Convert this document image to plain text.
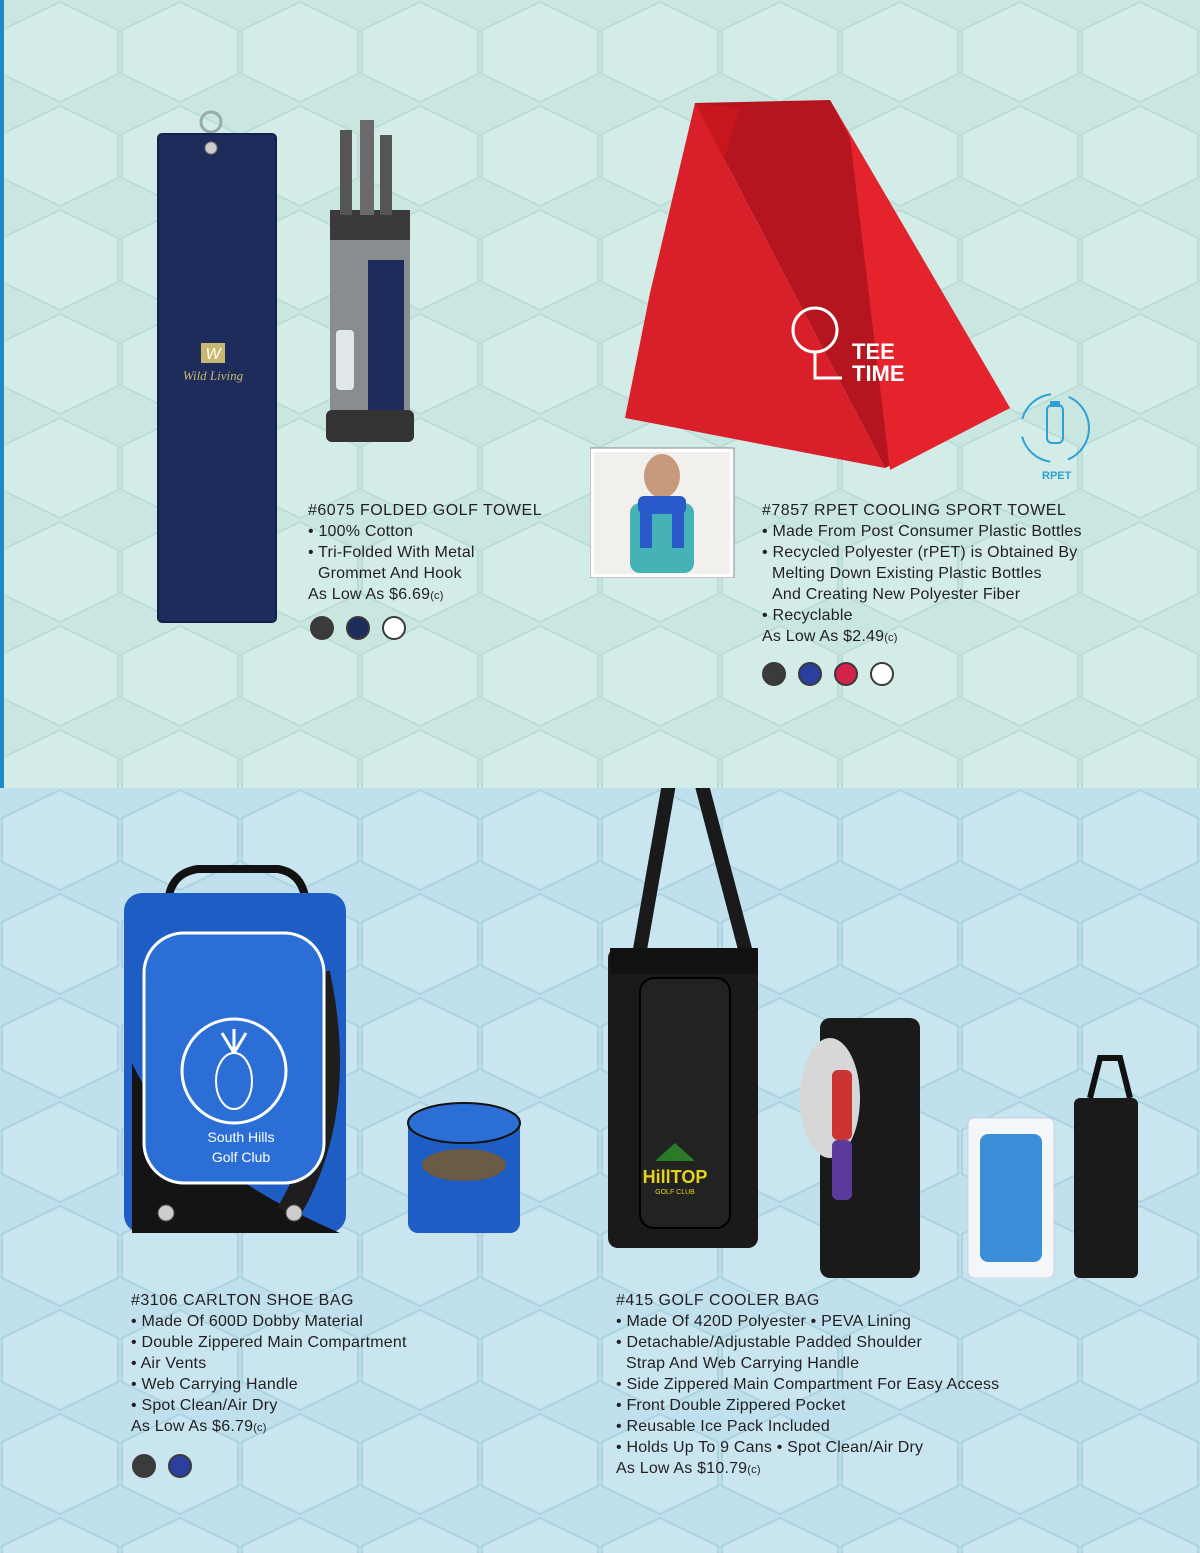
W
Wild Living
TEE
TIME
RPET
#6075 FOLDED GOLF TOWEL
• 100% Cotton
• Tri-Folded With Metal
Grommet And Hook
As Low As $6.69(c)
#7857 RPET COOLING SPORT TOWEL
• Made From Post Consumer Plastic Bottles
• Recycled Polyester (rPET) is Obtained By
Melting Down Existing Plastic Bottles
And Creating New Polyester Fiber
• Recyclable
As Low As $2.49(c)
South Hills
Golf Club
HillTOP
GOLF CLUB
#3106 CARLTON SHOE BAG
• Made Of 600D Dobby Material
• Double Zippered Main Compartment
• Air Vents
• Web Carrying Handle
• Spot Clean/Air Dry
As Low As $6.79(c)
#415 GOLF COOLER BAG
• Made Of 420D Polyester • PEVA Lining
• Detachable/Adjustable Padded Shoulder
Strap And Web Carrying Handle
• Side Zippered Main Compartment For Easy Access
• Front Double Zippered Pocket
• Reusable Ice Pack Included
• Holds Up To 9 Cans • Spot Clean/Air Dry
As Low As $10.79(c)
